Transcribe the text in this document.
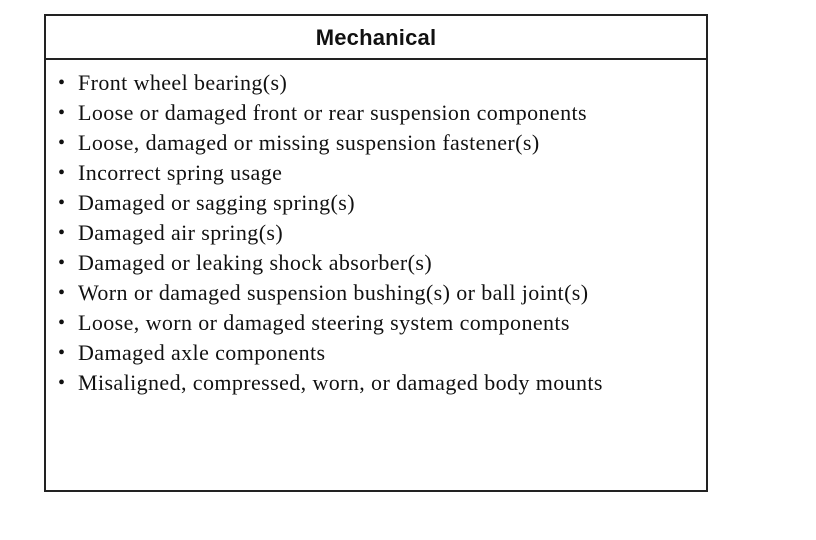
Mechanical
• Front wheel bearing(s)
• Loose or damaged front or rear suspension components
• Loose, damaged or missing suspension fastener(s)
• Incorrect spring usage
• Damaged or sagging spring(s)
• Damaged air spring(s)
• Damaged or leaking shock absorber(s)
• Worn or damaged suspension bushing(s) or ball joint(s)
• Loose, worn or damaged steering system components
• Damaged axle components
• Misaligned, compressed, worn, or damaged body mounts
